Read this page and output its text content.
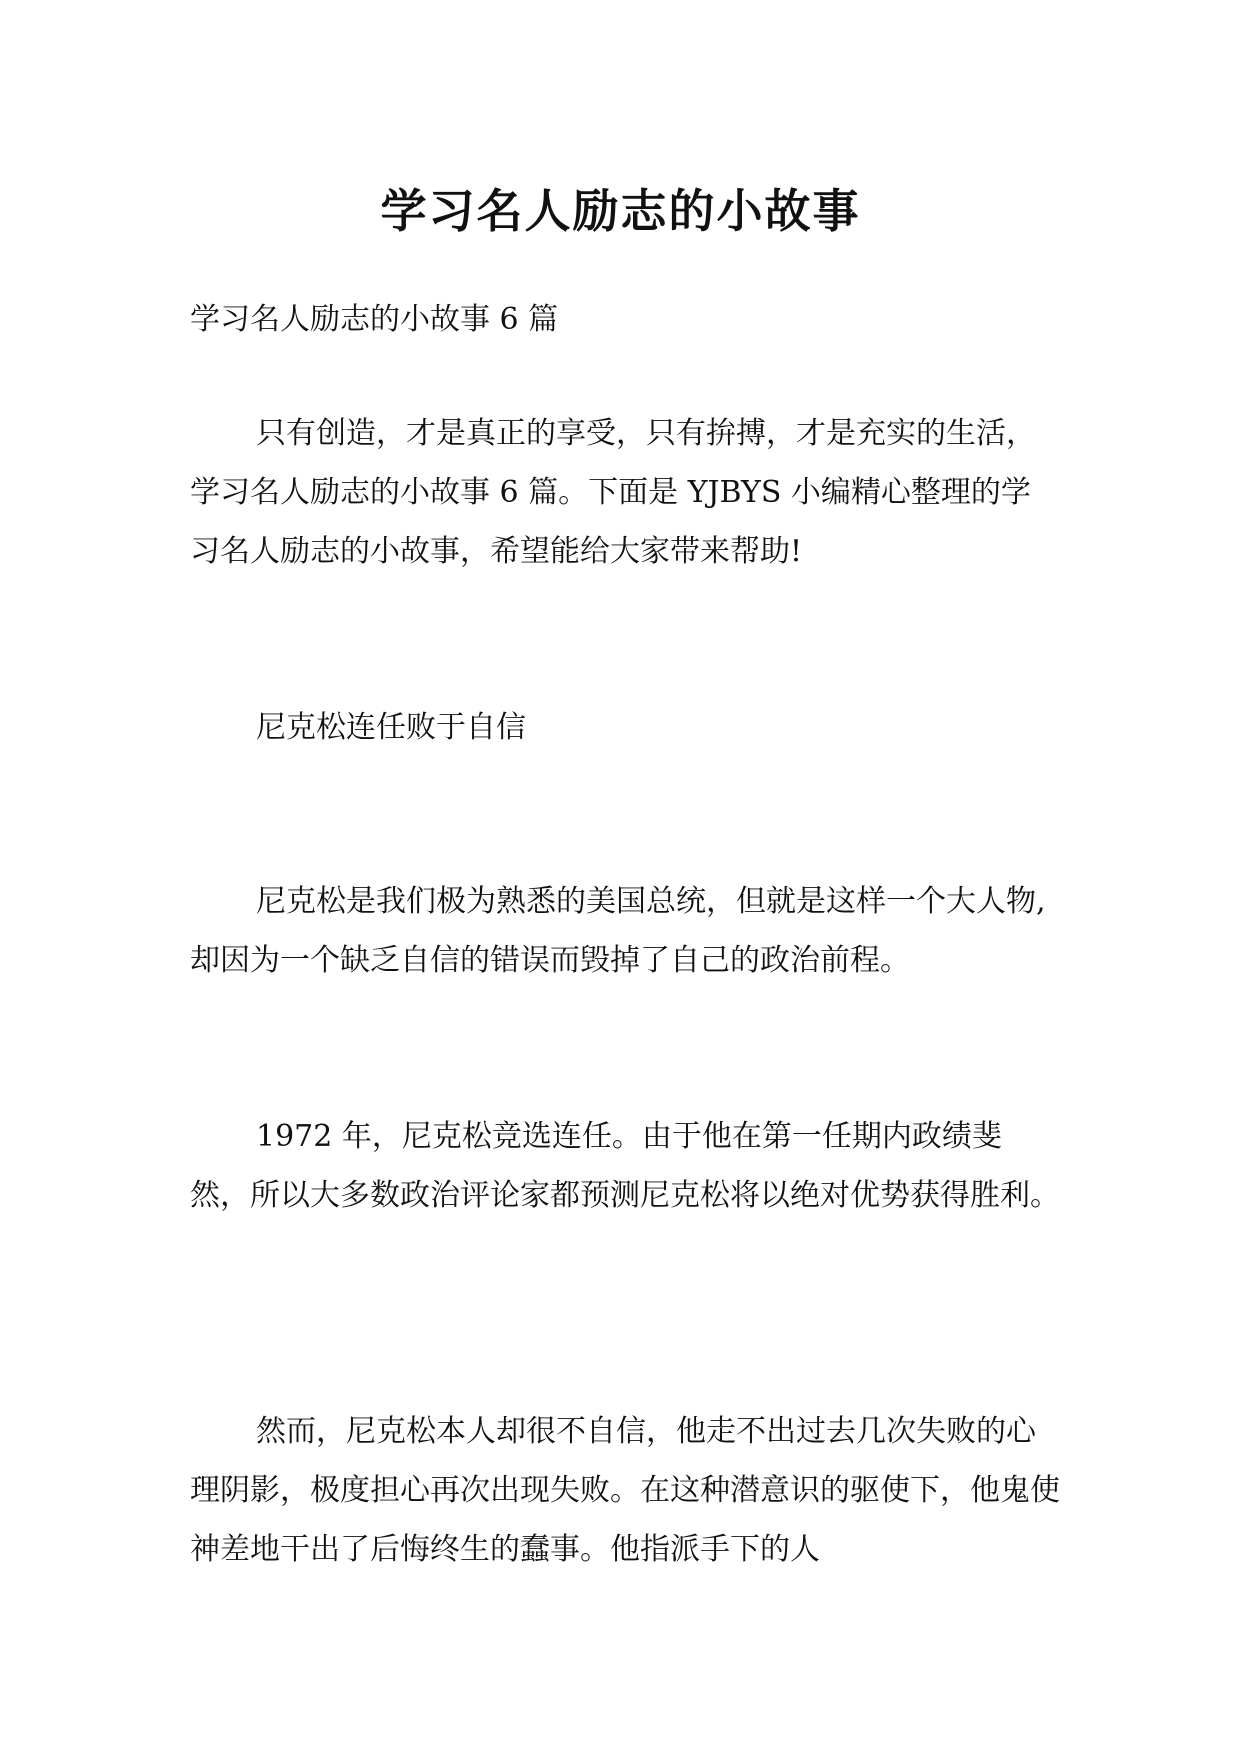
学习名人励志的小故事

学习名人励志的小故事 6 篇

只有创造，才是真正的享受，只有拚搏，才是充实的生活，学习名人励志的小故事 6 篇。下面是 YJBYS 小编精心整理的学习名人励志的小故事，希望能给大家带来帮助!

尼克松连任败于自信

尼克松是我们极为熟悉的美国总统，但就是这样一个大人物,却因为一个缺乏自信的错误而毁掉了自己的政治前程。

1972 年，尼克松竞选连任。由于他在第一任期内政绩斐然，所以大多数政治评论家都预测尼克松将以绝对优势获得胜利。

然而，尼克松本人却很不自信，他走不出过去几次失败的心理阴影，极度担心再次出现失败。在这种潜意识的驱使下，他鬼使神差地干出了后悔终生的蠢事。他指派手下的人
